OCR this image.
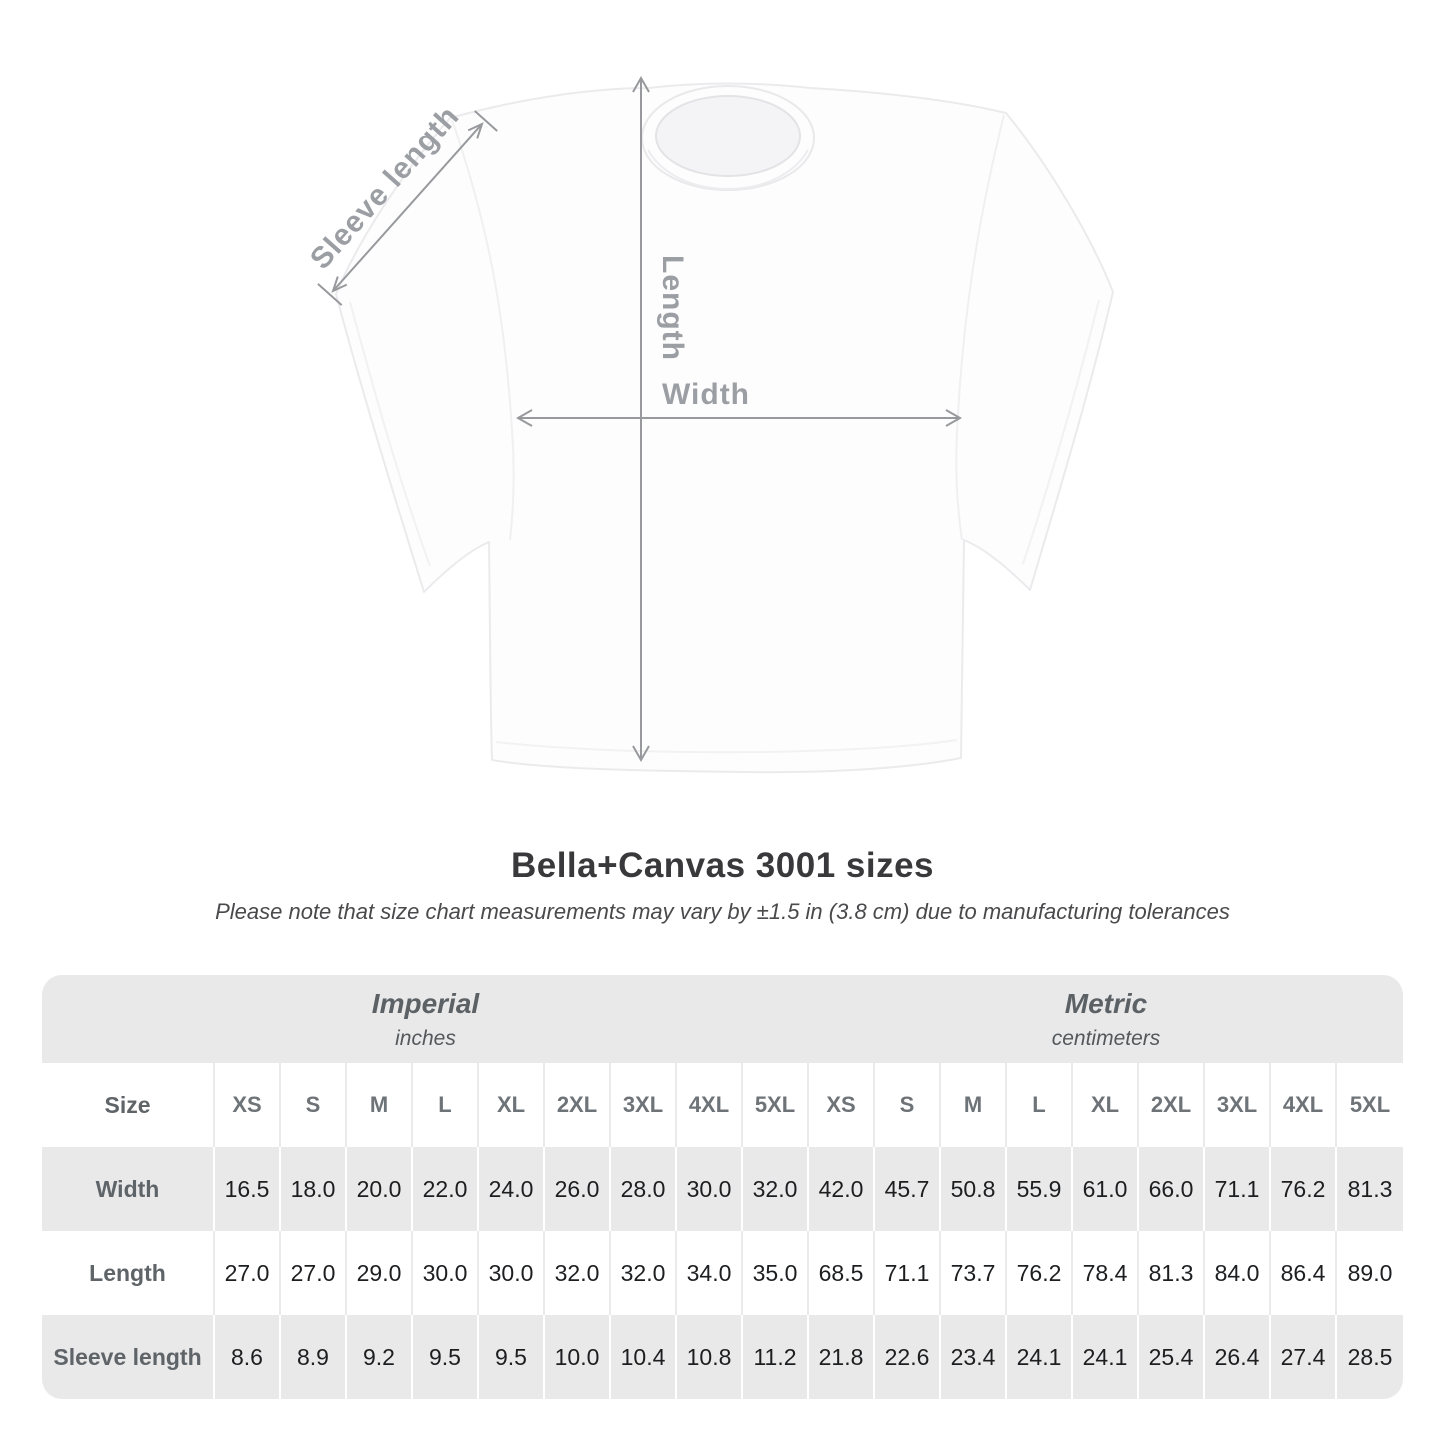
Width
Length
Sleeve length
Bella+Canvas 3001 sizes
Please note that size chart measurements may vary by ±1.5 in (3.8 cm) due to manufacturing tolerances
Imperial
inches
Metric
centimeters
Size	XS	S	M	L	XL	2XL	3XL	4XL	5XL	XS	S	M	L	XL	2XL	3XL	4XL	5XL
Width	16.5 18.0 20.0 22.0 24.0 26.0 28.0 30.0 32.0 42.0 45.7 50.8 55.9 61.0 66.0 71.1 76.2 81.3
Length	27.0 27.0 29.0 30.0 30.0 32.0 32.0 34.0 35.0 68.5 71.1 73.7 76.2 78.4 81.3 84.0 86.4 89.0
Sleeve length	8.6	8.9	9.2	9.5	9.5	10.0 10.4 10.8 11.2 21.8 22.6 23.4 24.1 24.1 25.4 26.4 27.4 28.5
